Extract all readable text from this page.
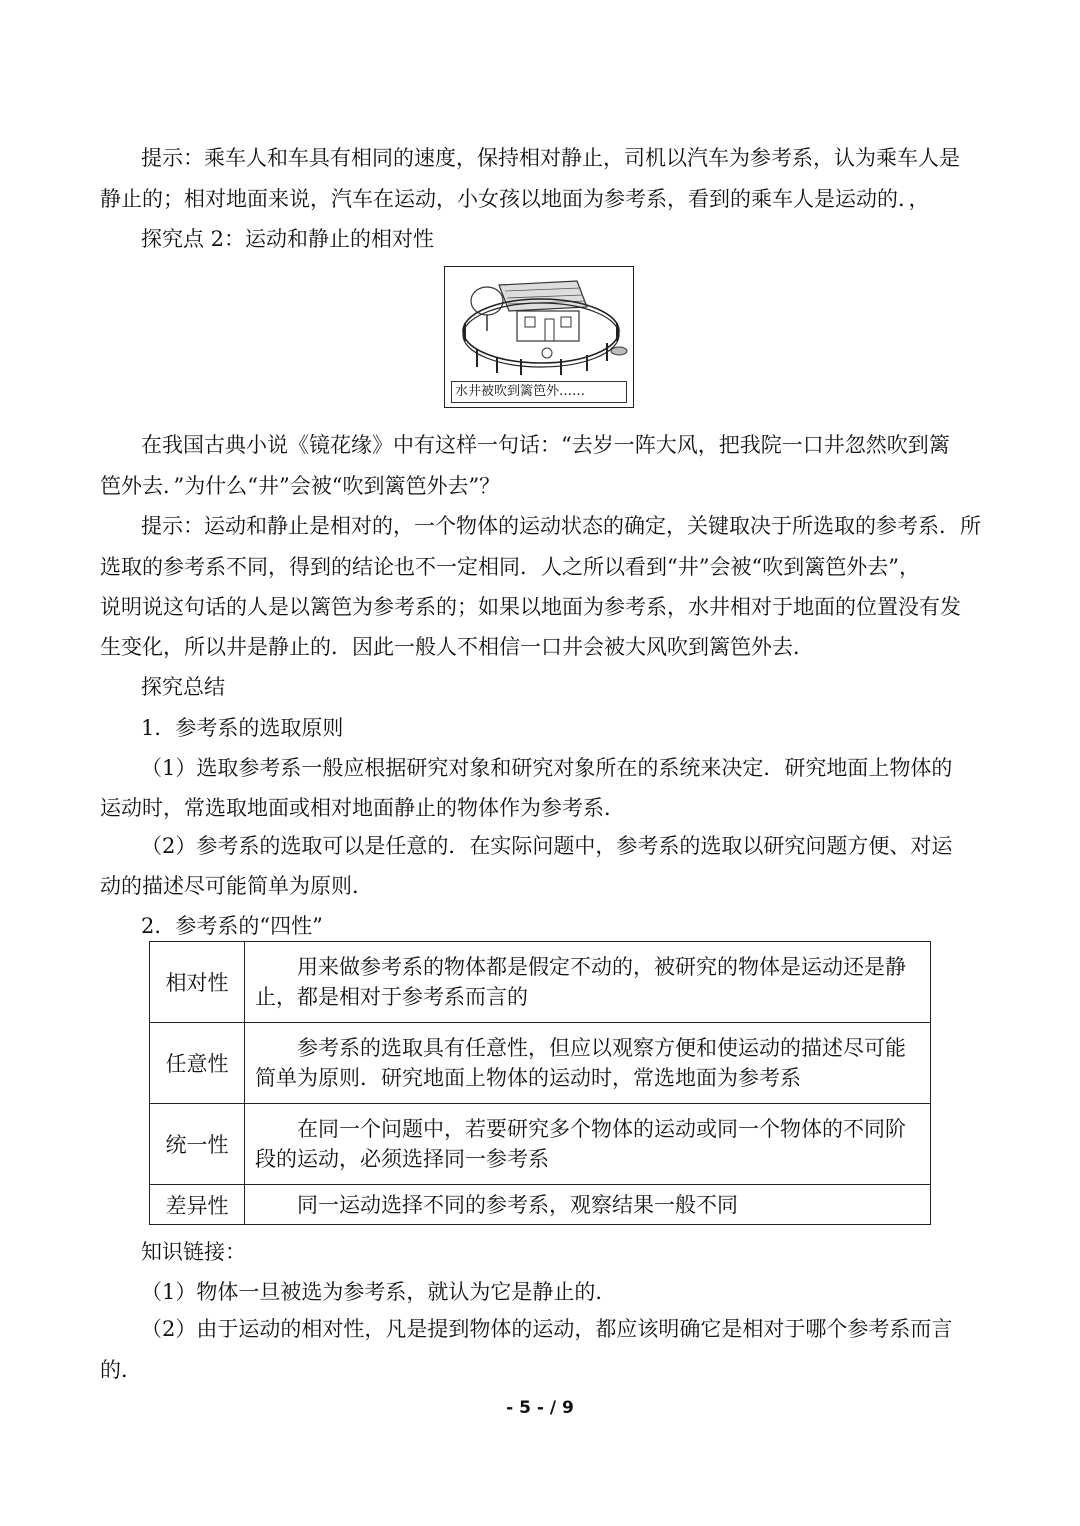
提示：乘车人和车具有相同的速度，保持相对静止，司机以汽车为参考系，认为乘车人是
静止的；相对地面来说，汽车在运动，小女孩以地面为参考系，看到的乘车人是运动的．，
探究点 2：运动和静止的相对性
水井被吹到篱笆外……
在我国古典小说《镜花缘》中有这样一句话：“去岁一阵大风，把我院一口井忽然吹到篱
笆外去．”为什么“井”会被“吹到篱笆外去”？
提示：运动和静止是相对的，一个物体的运动状态的确定，关键取决于所选取的参考系．所
选取的参考系不同，得到的结论也不一定相同．人之所以看到“井”会被“吹到篱笆外去”，
说明说这句话的人是以篱笆为参考系的；如果以地面为参考系，水井相对于地面的位置没有发
生变化，所以井是静止的．因此一般人不相信一口井会被大风吹到篱笆外去．
探究总结
1．参考系的选取原则
（1）选取参考系一般应根据研究对象和研究对象所在的系统来决定．研究地面上物体的
运动时，常选取地面或相对地面静止的物体作为参考系．
（2）参考系的选取可以是任意的．在实际问题中，参考系的选取以研究问题方便、对运
动的描述尽可能简单为原则．
2．参考系的“四性”
相对性	用来做参考系的物体都是假定不动的，被研究的物体是运动还是静止，都是相对于参考系而言的
任意性	参考系的选取具有任意性，但应以观察方便和使运动的描述尽可能简单为原则．研究地面上物体的运动时，常选地面为参考系
统一性	在同一个问题中，若要研究多个物体的运动或同一个物体的不同阶段的运动，必须选择同一参考系
差异性	同一运动选择不同的参考系，观察结果一般不同
知识链接：
（1）物体一旦被选为参考系，就认为它是静止的．
（2）由于运动的相对性，凡是提到物体的运动，都应该明确它是相对于哪个参考系而言
的．
- 5 - / 9
